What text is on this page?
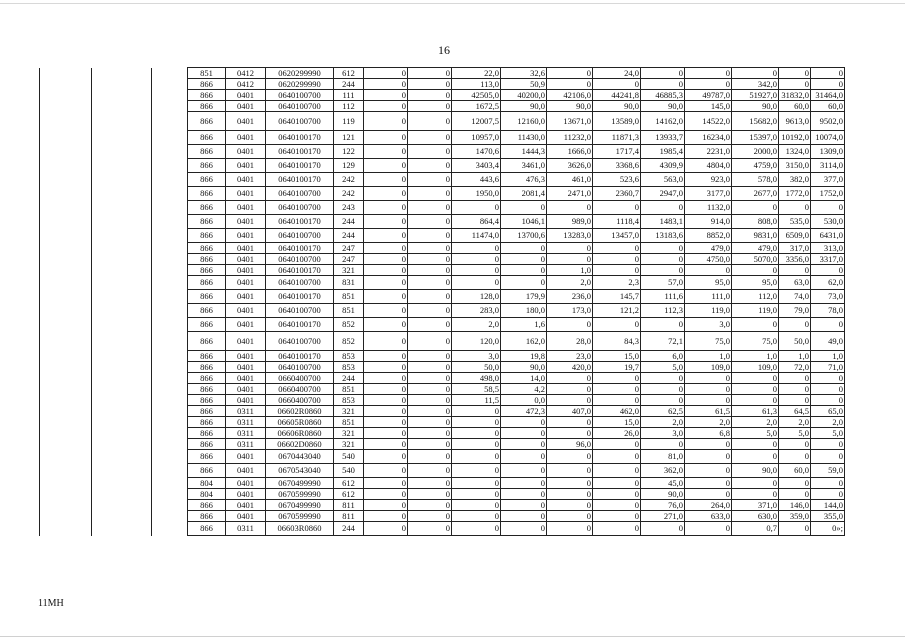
16
			851	0412	0620299990	612	0	0	22,0	32,6	0	24,0	0	0	0	0	0
			866	0412	0620299990	244	0	0	113,0	50,9	0	0	0	0	342,0	0	0
			866	0401	0640100700	111	0	0	42505,0	40200,0	42106,0	44241,8	46885,3	49787,0	51927,0	31832,0	31464,0
			866	0401	0640100700	112	0	0	1672,5	90,0	90,0	90,0	90,0	145,0	90,0	60,0	60,0
			866	0401	0640100700	119	0	0	12007,5	12160,0	13671,0	13589,0	14162,0	14522,0	15682,0	9613,0	9502,0
			866	0401	0640100170	121	0	0	10957,0	11430,0	11232,0	11871,3	13933,7	16234,0	15397,0	10192,0	10074,0
			866	0401	0640100170	122	0	0	1470,6	1444,3	1666,0	1717,4	1985,4	2231,0	2000,0	1324,0	1309,0
			866	0401	0640100170	129	0	0	3403,4	3461,0	3626,0	3368,6	4309,9	4804,0	4759,0	3150,0	3114,0
			866	0401	0640100170	242	0	0	443,6	476,3	461,0	523,6	563,0	923,0	578,0	382,0	377,0
			866	0401	0640100700	242	0	0	1950,0	2081,4	2471,0	2360,7	2947,0	3177,0	2677,0	1772,0	1752,0
			866	0401	0640100700	243	0	0	0	0	0	0	0	1132,0	0	0	0
			866	0401	0640100170	244	0	0	864,4	1046,1	989,0	1118,4	1483,1	914,0	808,0	535,0	530,0
			866	0401	0640100700	244	0	0	11474,0	13700,6	13283,0	13457,0	13183,6	8852,0	9831,0	6509,0	6431,0
			866	0401	0640100170	247	0	0	0	0	0	0	0	479,0	479,0	317,0	313,0
			866	0401	0640100700	247	0	0	0	0	0	0	0	4750,0	5070,0	3356,0	3317,0
			866	0401	0640100170	321	0	0	0	0	1,0	0	0	0	0	0	0
			866	0401	0640100700	831	0	0	0	0	2,0	2,3	57,0	95,0	95,0	63,0	62,0
			866	0401	0640100170	851	0	0	128,0	179,9	236,0	145,7	111,6	111,0	112,0	74,0	73,0
			866	0401	0640100700	851	0	0	283,0	180,0	173,0	121,2	112,3	119,0	119,0	79,0	78,0
			866	0401	0640100170	852	0	0	2,0	1,6	0	0	0	3,0	0	0	0
			866	0401	0640100700	852	0	0	120,0	162,0	28,0	84,3	72,1	75,0	75,0	50,0	49,0
			866	0401	0640100170	853	0	0	3,0	19,8	23,0	15,0	6,0	1,0	1,0	1,0	1,0
			866	0401	0640100700	853	0	0	50,0	90,0	420,0	19,7	5,0	109,0	109,0	72,0	71,0
			866	0401	0660400700	244	0	0	498,0	14,0	0	0	0	0	0	0	0
			866	0401	0660400700	851	0	0	58,5	4,2	0	0	0	0	0	0	0
			866	0401	0660400700	853	0	0	11,5	0,0	0	0	0	0	0	0	0
			866	0311	06602R0860	321	0	0	0	472,3	407,0	462,0	62,5	61,5	61,3	64,5	65,0
			866	0311	06605R0860	851	0	0	0	0	0	15,0	2,0	2,0	2,0	2,0	2,0
			866	0311	06606R0860	321	0	0	0	0	0	26,0	3,0	6,8	5,0	5,0	5,0
			866	0311	06602D0860	321	0	0	0	0	96,0	0	0	0	0	0	0
			866	0401	0670443040	540	0	0	0	0	0	0	81,0	0	0	0	0
			866	0401	0670543040	540	0	0	0	0	0	0	362,0	0	90,0	60,0	59,0
			804	0401	0670499990	612	0	0	0	0	0	0	45,0	0	0	0	0
			804	0401	0670599990	612	0	0	0	0	0	0	90,0	0	0	0	0
			866	0401	0670499990	811	0	0	0	0	0	0	76,0	264,0	371,0	146,0	144,0
			866	0401	0670599990	811	0	0	0	0	0	0	271,0	633,0	630,0	359,0	355,0
			866	0311	06603R0860	244	0	0	0	0	0	0	0	0	0,7	0	0»;
11MH
